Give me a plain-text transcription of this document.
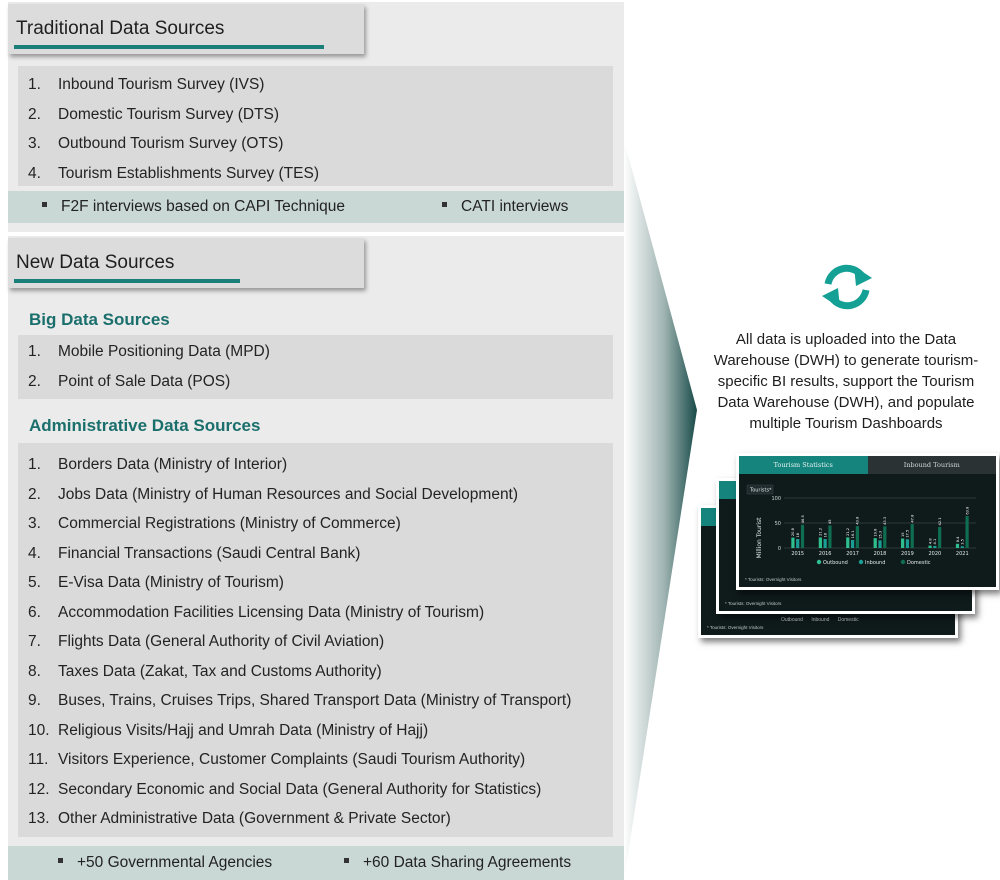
Traditional Data Sources
1. Inbound Tourism Survey (IVS)
2. Domestic Tourism Survey (DTS)
3. Outbound Tourism Survey (OTS)
4. Tourism Establishments Survey (TES)
F2F interviews based on CAPI Technique	CATI interviews
New Data Sources
Big Data Sources
1. Mobile Positioning Data (MPD)
2. Point of Sale Data (POS)
Administrative Data Sources
1. Borders Data (Ministry of Interior)
2. Jobs Data (Ministry of Human Resources and Social Development)
3. Commercial Registrations (Ministry of Commerce)
4. Financial Transactions (Saudi Central Bank)
5. E-Visa Data (Ministry of Tourism)
6. Accommodation Facilities Licensing Data (Ministry of Tourism)
7. Flights Data (General Authority of Civil Aviation)
8. Taxes Data (Zakat, Tax and Customs Authority)
9. Buses, Trains, Cruises Trips, Shared Transport Data (Ministry of Transport)
10. Religious Visits/Hajj and Umrah Data (Ministry of Hajj)
11. Visitors Experience, Customer Complaints (Saudi Tourism Authority)
12. Secondary Economic and Social Data (General Authority for Statistics)
13. Other Administrative Data (Government & Private Sector)
+50 Governmental Agencies	+60 Data Sharing Agreements
All data is uploaded into the Data Warehouse (DWH) to generate tourism-specific BI results, support the Tourism Data Warehouse (DWH), and populate multiple Tourism Dashboards
Outbound Inbound Domestic
* Tourists: Overnight Visitors
* Tourists: Overnight Visitors
Tourism Statistics	Inbound Tourism
Tourists*
Million Tourist	0
50
100
20.8 18
46.5
2015
21.2 18
45
2016
21.2 16.1
43.8
2017
19.8 15.3
43.3
2018
19 17.5
47.8
2019
4.8 4.1
42.1
2020
8.4 3.5
63.8
2021
Outbound	Inbound	Domestic
* Tourists: Overnight Visitors
